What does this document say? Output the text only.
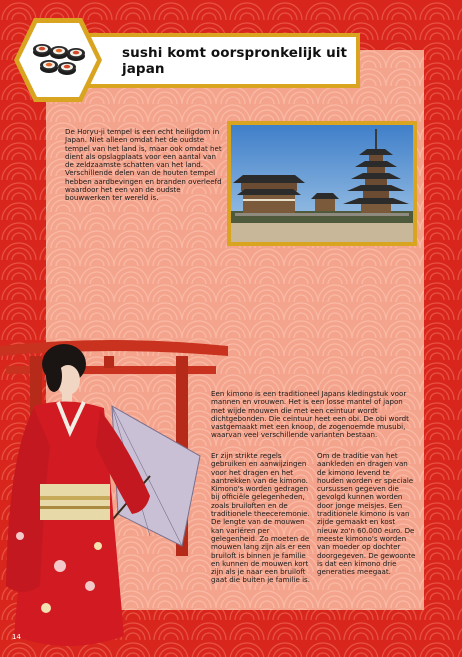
sushi komt oorspronkelijk uit japan

De Horyu-ji tempel is een echt heiligdom in Japan. Niet alleen omdat het de oudste tempel van het land is, maar ook omdat het dient als opslagplaats voor een aantal van de zeldzaamste schatten van het land. Verschillende delen van de houten tempel hebben aardbevingen en branden overleefd waardoor het een van de oudste bouwwerken ter wereld is.

Een kimono is een traditioneel Japans kledingstuk voor mannen en vrouwen. Het is een losse mantel of japon met wijde mouwen die met een ceintuur wordt dichtgebonden. Die ceintuur heet een obi. De obi wordt vastgemaakt met een knoop, de zogenoemde musubi, waarvan veel verschillende varianten bestaan.

Er zijn strikte regels gebruiken en aanwijzingen voor het dragen en het aantrekken van de kimono. Kimono's worden gedragen bij officiële gelegenheden, zoals bruiloften en de traditionele theeceremonie. De lengte van de mouwen kan variëren per gelegenheid. Zo moeten de mouwen lang zijn als er een bruiloft is binnen je familie en kunnen de mouwen kort zijn als je naar een bruiloft gaat die buiten je familie is.

Om de traditie van het aankleden en dragen van de kimono levend te houden worden er speciale cursussen gegeven die gevolgd kunnen worden door jonge meisjes. Een traditionele kimono is van zijde gemaakt en kost nieuw zo'n 60.000 euro. De meeste kimono's worden van moeder op dochter doorgegeven. De gewoonte is dat een kimono drie generaties meegaat.

14
